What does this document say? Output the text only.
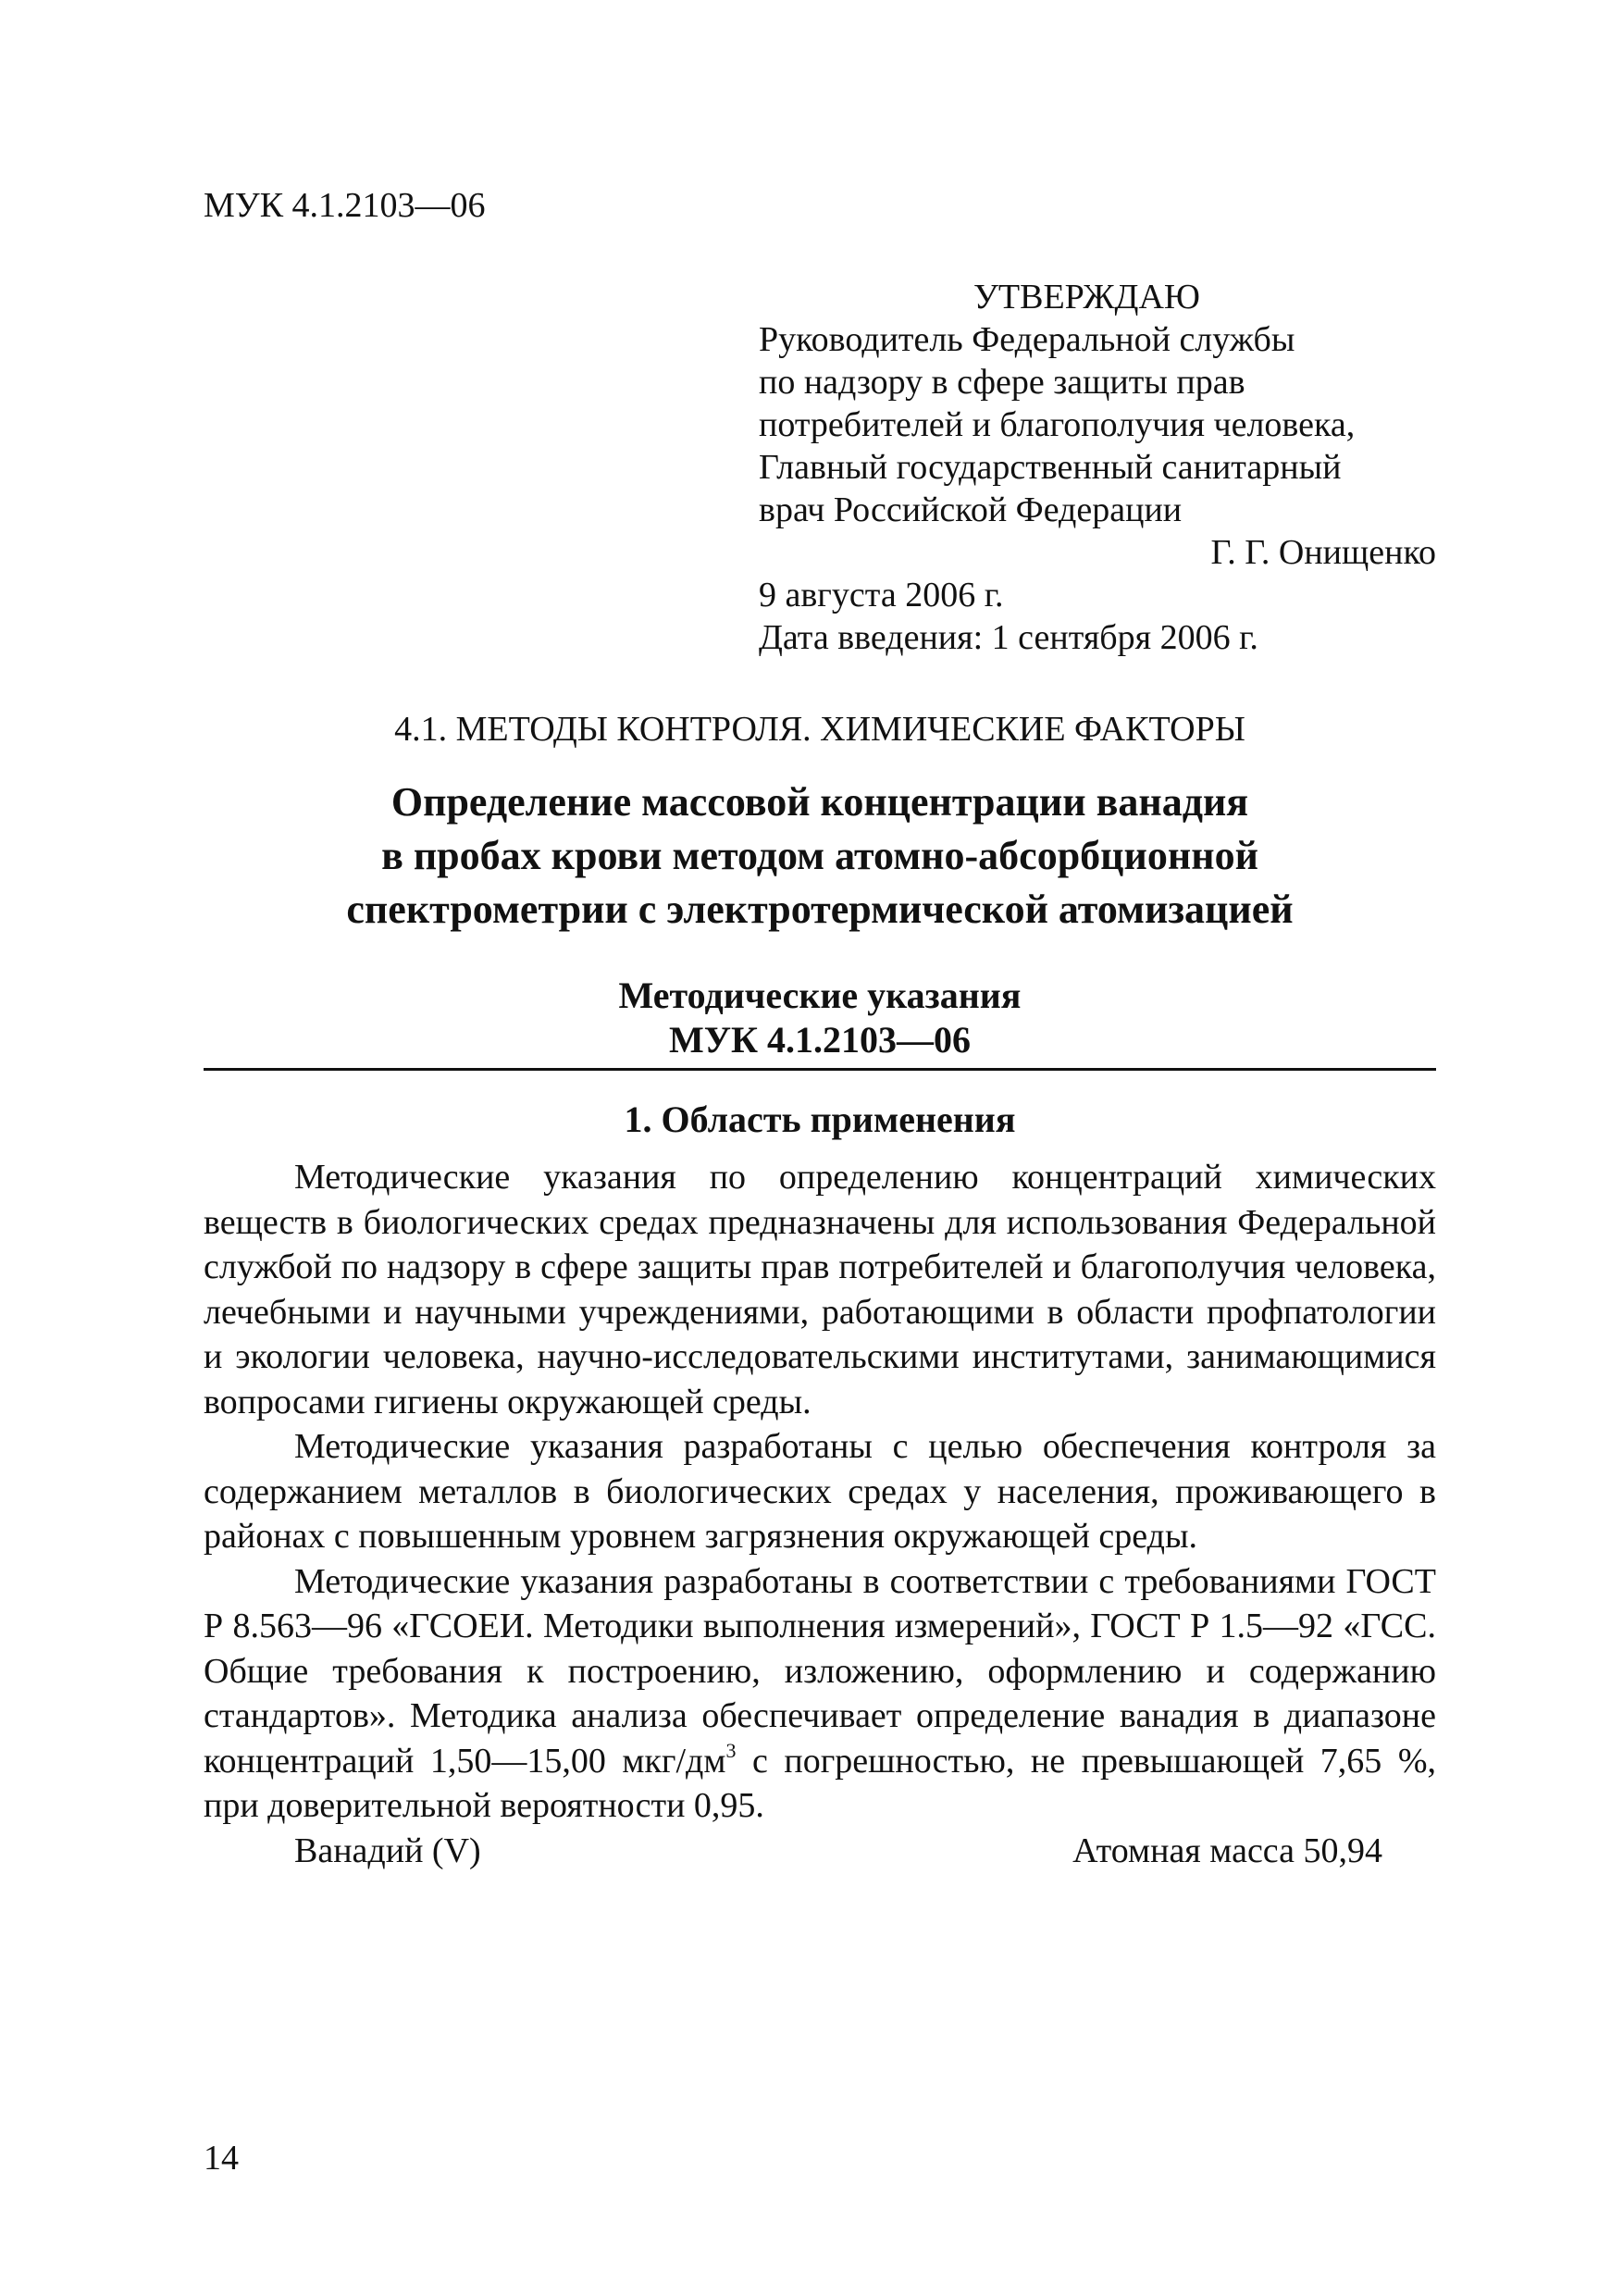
МУК 4.1.2103—06
УТВЕРЖДАЮ
Руководитель Федеральной службы
по надзору в сфере защиты прав
потребителей и благополучия человека,
Главный государственный санитарный
врач Российской Федерации
Г. Г. Онищенко
9 августа 2006 г.
Дата введения: 1 сентября 2006 г.
4.1. МЕТОДЫ КОНТРОЛЯ. ХИМИЧЕСКИЕ ФАКТОРЫ
Определение массовой концентрации ванадия
в пробах крови методом атомно-абсорбционной
спектрометрии с электротермической атомизацией
Методические указания
МУК 4.1.2103—06
1. Область применения

Методические указания по определению концентраций химических веществ в биологических средах предназначены для использования Федеральной службой по надзору в сфере защиты прав потребителей и благополучия человека, лечебными и научными учреждениями, работающими в области профпатологии и экологии человека, научно-исследовательскими институтами, занимающимися вопросами гигиены окружающей среды.

Методические указания разработаны с целью обеспечения контроля за содержанием металлов в биологических средах у населения, проживающего в районах с повышенным уровнем загрязнения окружающей среды.

Методические указания разработаны в соответствии с требованиями ГОСТ Р 8.563—96 «ГСОЕИ. Методики выполнения измерений», ГОСТ Р 1.5—92 «ГСС. Общие требования к построению, изложению, оформлению и содержанию стандартов». Методика анализа обеспечивает определение ванадия в диапазоне концентраций 1,50—15,00 мкг/$дм^3$ с погрешностью, не превышающей 7,65 %, при доверительной вероятности 0,95.

Ванадий (V)	Атомная масса 50,94
14
